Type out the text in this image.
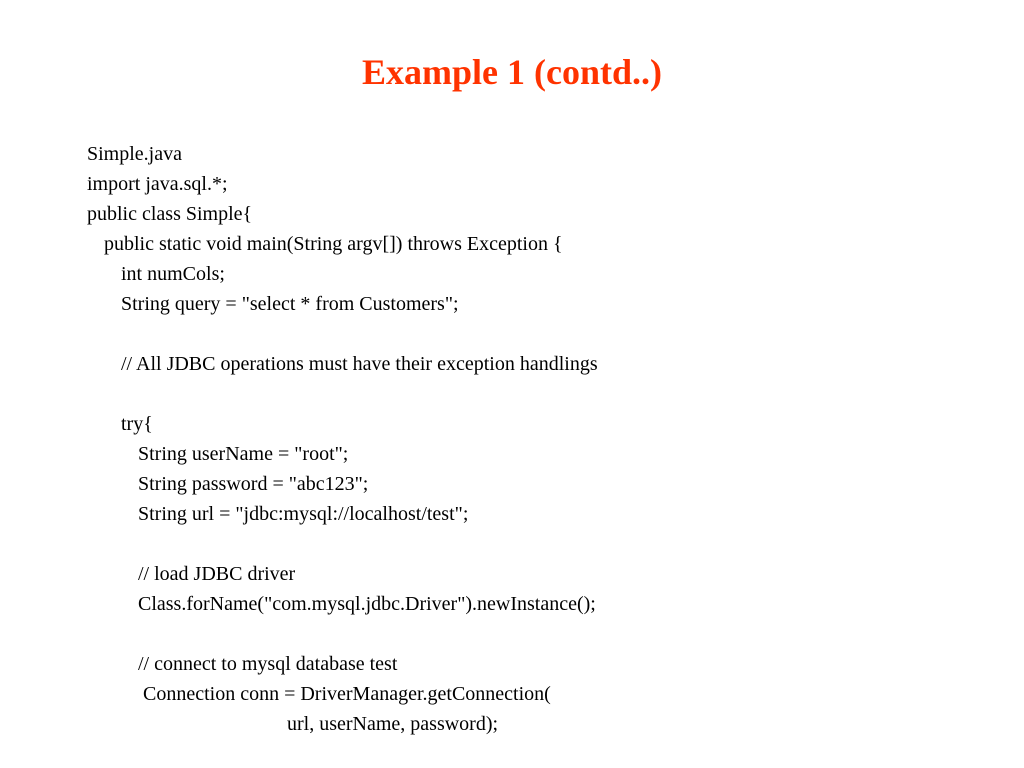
Example 1 (contd..)
Simple.java
import java.sql.*;
public class Simple{
public static void main(String argv[]) throws Exception {
int numCols;
String query = "select * from Customers";
// All JDBC operations must have their exception handlings
try{
String userName = "root";
String password = "abc123";
String url = "jdbc:mysql://localhost/test";
// load JDBC driver
Class.forName("com.mysql.jdbc.Driver").newInstance();
// connect to mysql database test
Connection conn = DriverManager.getConnection(
url, userName, password);
